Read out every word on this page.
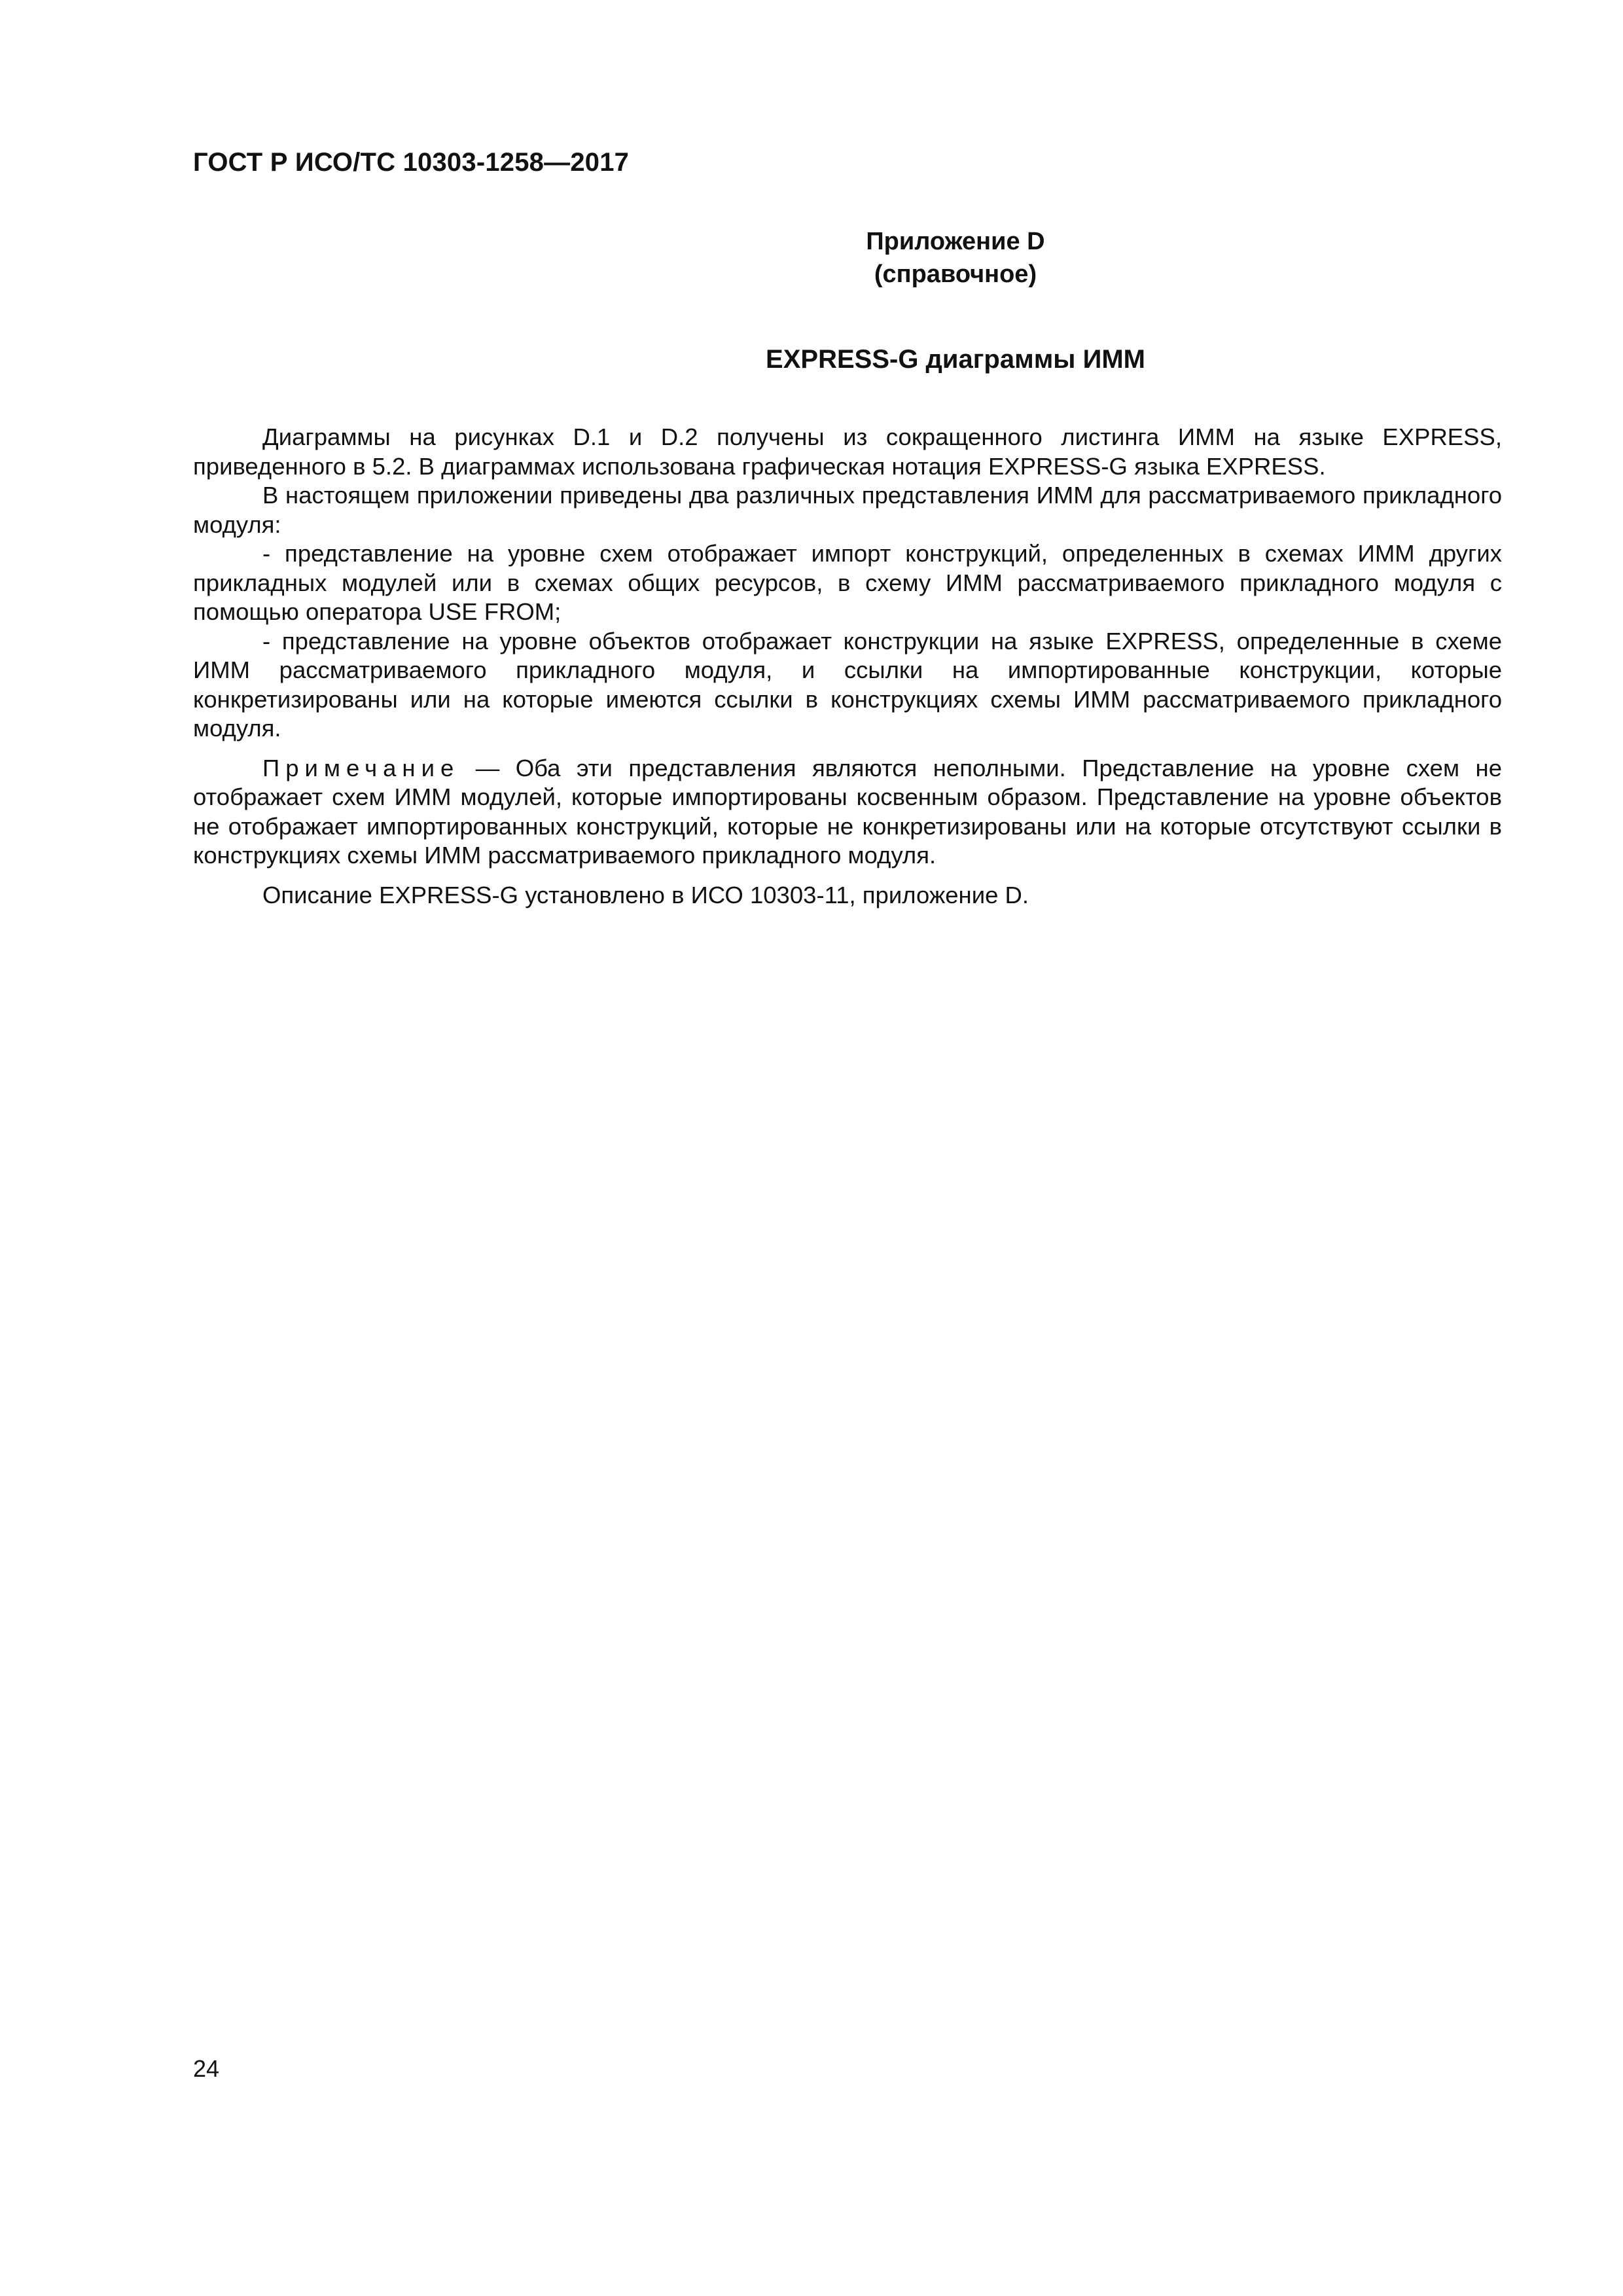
ГОСТ Р ИСО/ТС 10303-1258—2017
Приложение D
(справочное)
EXPRESS-G диаграммы ИММ

Диаграммы на рисунках D.1 и D.2 получены из сокращенного листинга ИММ на языке EXPRESS, приведенного в 5.2. В диаграммах использована графическая нотация EXPRESS-G языка EXPRESS.

В настоящем приложении приведены два различных представления ИММ для рассматриваемого прикладного модуля:

- представление на уровне схем отображает импорт конструкций, определенных в схемах ИММ других прикладных модулей или в схемах общих ресурсов, в схему ИММ рассматриваемого прикладного модуля с помощью оператора USE FROM;

- представление на уровне объектов отображает конструкции на языке EXPRESS, определенные в схеме ИММ рассматриваемого прикладного модуля, и ссылки на импортированные конструкции, которые конкретизированы или на которые имеются ссылки в конструкциях схемы ИММ рассматриваемого прикладного модуля.

Примечание — Оба эти представления являются неполными. Представление на уровне схем не отображает схем ИММ модулей, которые импортированы косвенным образом. Представление на уровне объектов не отображает импортированных конструкций, которые не конкретизированы или на которые отсутствуют ссылки в конструкциях схемы ИММ рассматриваемого прикладного модуля.

Описание EXPRESS-G установлено в ИСО 10303-11, приложение D.

24
